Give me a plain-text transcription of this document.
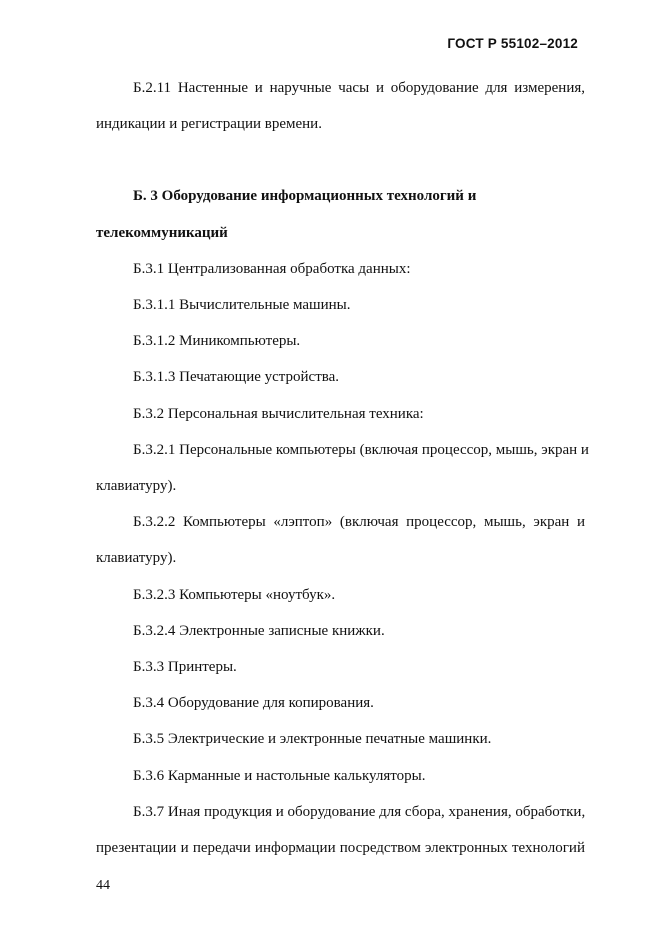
ГОСТ Р 55102–2012

Б.2.11 Настенные и наручные часы и оборудование для измерения,

индикации и регистрации времени.

Б. 3 Оборудование информационных технологий и

телекоммуникаций

Б.3.1 Централизованная обработка данных:

Б.3.1.1 Вычислительные машины.

Б.3.1.2 Миникомпьютеры.

Б.3.1.3 Печатающие устройства.

Б.3.2 Персональная вычислительная техника:

Б.3.2.1 Персональные компьютеры (включая процессор, мышь, экран и

клавиатуру).

Б.3.2.2 Компьютеры «лэптоп» (включая процессор, мышь, экран и

клавиатуру).

Б.3.2.3 Компьютеры «ноутбук».

Б.3.2.4 Электронные записные книжки.

Б.3.3 Принтеры.

Б.3.4 Оборудование для копирования.

Б.3.5 Электрические и электронные печатные машинки.

Б.3.6 Карманные и настольные калькуляторы.

Б.3.7 Иная продукция и оборудование для сбора, хранения, обработки,

презентации и передачи информации посредством электронных технологий

44
